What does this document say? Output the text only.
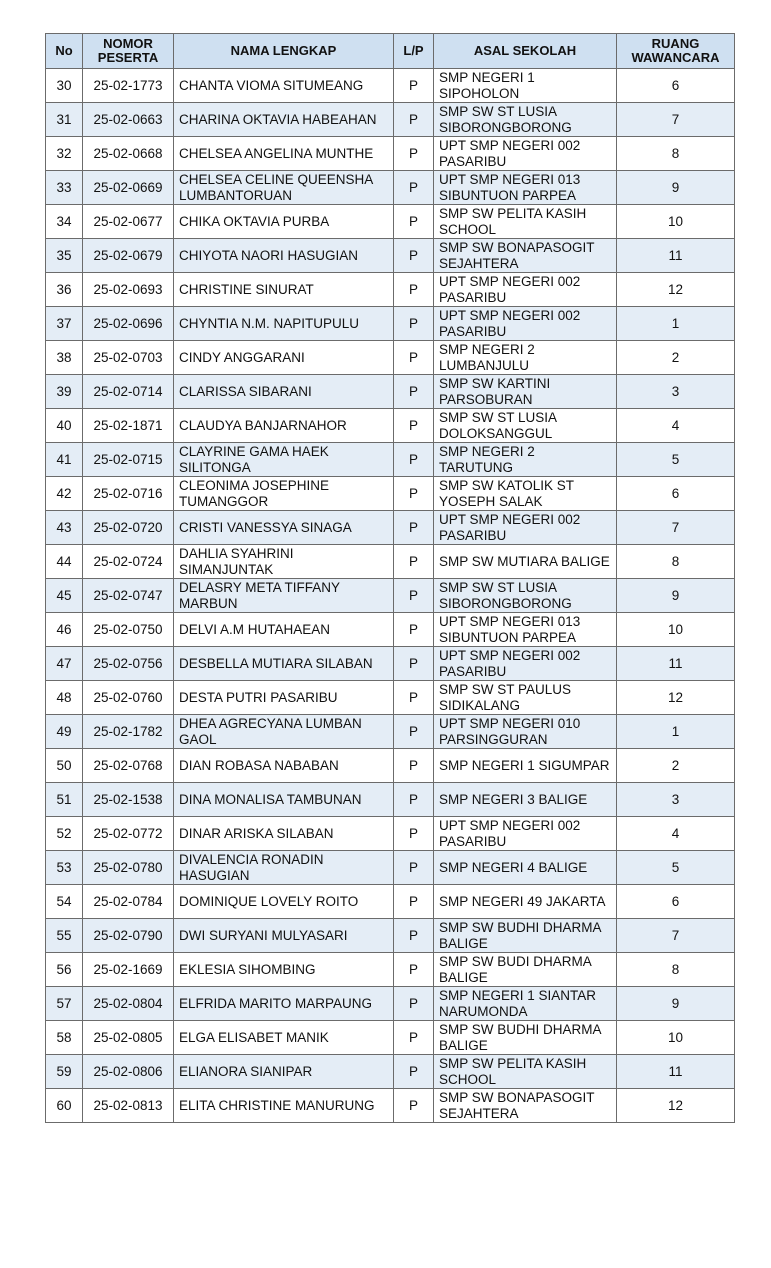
No	NOMOR PESERTA	NAMA LENGKAP	L/P	ASAL SEKOLAH	RUANG WAWANCARA
30	25-02-1773	CHANTA VIOMA SITUMEANG	P	SMP NEGERI 1 SIPOHOLON	6
31	25-02-0663	CHARINA OKTAVIA HABEAHAN	P	SMP SW ST LUSIA SIBORONGBORONG	7
32	25-02-0668	CHELSEA ANGELINA MUNTHE	P	UPT SMP NEGERI 002 PASARIBU	8
33	25-02-0669	CHELSEA CELINE QUEENSHA LUMBANTORUAN	P	UPT SMP NEGERI 013 SIBUNTUON PARPEA	9
34	25-02-0677	CHIKA OKTAVIA PURBA	P	SMP SW PELITA KASIH SCHOOL	10
35	25-02-0679	CHIYOTA NAORI HASUGIAN	P	SMP SW BONAPASOGIT SEJAHTERA	11
36	25-02-0693	CHRISTINE SINURAT	P	UPT SMP NEGERI 002 PASARIBU	12
37	25-02-0696	CHYNTIA N.M. NAPITUPULU	P	UPT SMP NEGERI 002 PASARIBU	1
38	25-02-0703	CINDY ANGGARANI	P	SMP NEGERI 2 LUMBANJULU	2
39	25-02-0714	CLARISSA SIBARANI	P	SMP SW KARTINI PARSOBURAN	3
40	25-02-1871	CLAUDYA BANJARNAHOR	P	SMP SW ST LUSIA DOLOKSANGGUL	4
41	25-02-0715	CLAYRINE GAMA HAEK SILITONGA	P	SMP NEGERI 2 TARUTUNG	5
42	25-02-0716	CLEONIMA JOSEPHINE TUMANGGOR	P	SMP SW KATOLIK ST YOSEPH SALAK	6
43	25-02-0720	CRISTI VANESSYA SINAGA	P	UPT SMP NEGERI 002 PASARIBU	7
44	25-02-0724	DAHLIA SYAHRINI SIMANJUNTAK	P	SMP SW MUTIARA BALIGE	8
45	25-02-0747	DELASRY META TIFFANY MARBUN	P	SMP SW ST LUSIA SIBORONGBORONG	9
46	25-02-0750	DELVI A.M HUTAHAEAN	P	UPT SMP NEGERI 013 SIBUNTUON PARPEA	10
47	25-02-0756	DESBELLA MUTIARA SILABAN	P	UPT SMP NEGERI 002 PASARIBU	11
48	25-02-0760	DESTA PUTRI PASARIBU	P	SMP SW ST PAULUS SIDIKALANG	12
49	25-02-1782	DHEA AGRECYANA LUMBAN GAOL	P	UPT SMP NEGERI 010 PARSINGGURAN	1
50	25-02-0768	DIAN ROBASA NABABAN	P	SMP NEGERI 1 SIGUMPAR	2
51	25-02-1538	DINA MONALISA TAMBUNAN	P	SMP NEGERI 3 BALIGE	3
52	25-02-0772	DINAR ARISKA SILABAN	P	UPT SMP NEGERI 002 PASARIBU	4
53	25-02-0780	DIVALENCIA RONADIN HASUGIAN	P	SMP NEGERI 4 BALIGE	5
54	25-02-0784	DOMINIQUE LOVELY ROITO	P	SMP NEGERI 49 JAKARTA	6
55	25-02-0790	DWI SURYANI MULYASARI	P	SMP SW BUDHI DHARMA BALIGE	7
56	25-02-1669	EKLESIA SIHOMBING	P	SMP SW BUDI DHARMA BALIGE	8
57	25-02-0804	ELFRIDA MARITO MARPAUNG	P	SMP NEGERI 1 SIANTAR NARUMONDA	9
58	25-02-0805	ELGA ELISABET MANIK	P	SMP SW BUDHI DHARMA BALIGE	10
59	25-02-0806	ELIANORA SIANIPAR	P	SMP SW PELITA KASIH SCHOOL	11
60	25-02-0813	ELITA CHRISTINE MANURUNG	P	SMP SW BONAPASOGIT SEJAHTERA	12
